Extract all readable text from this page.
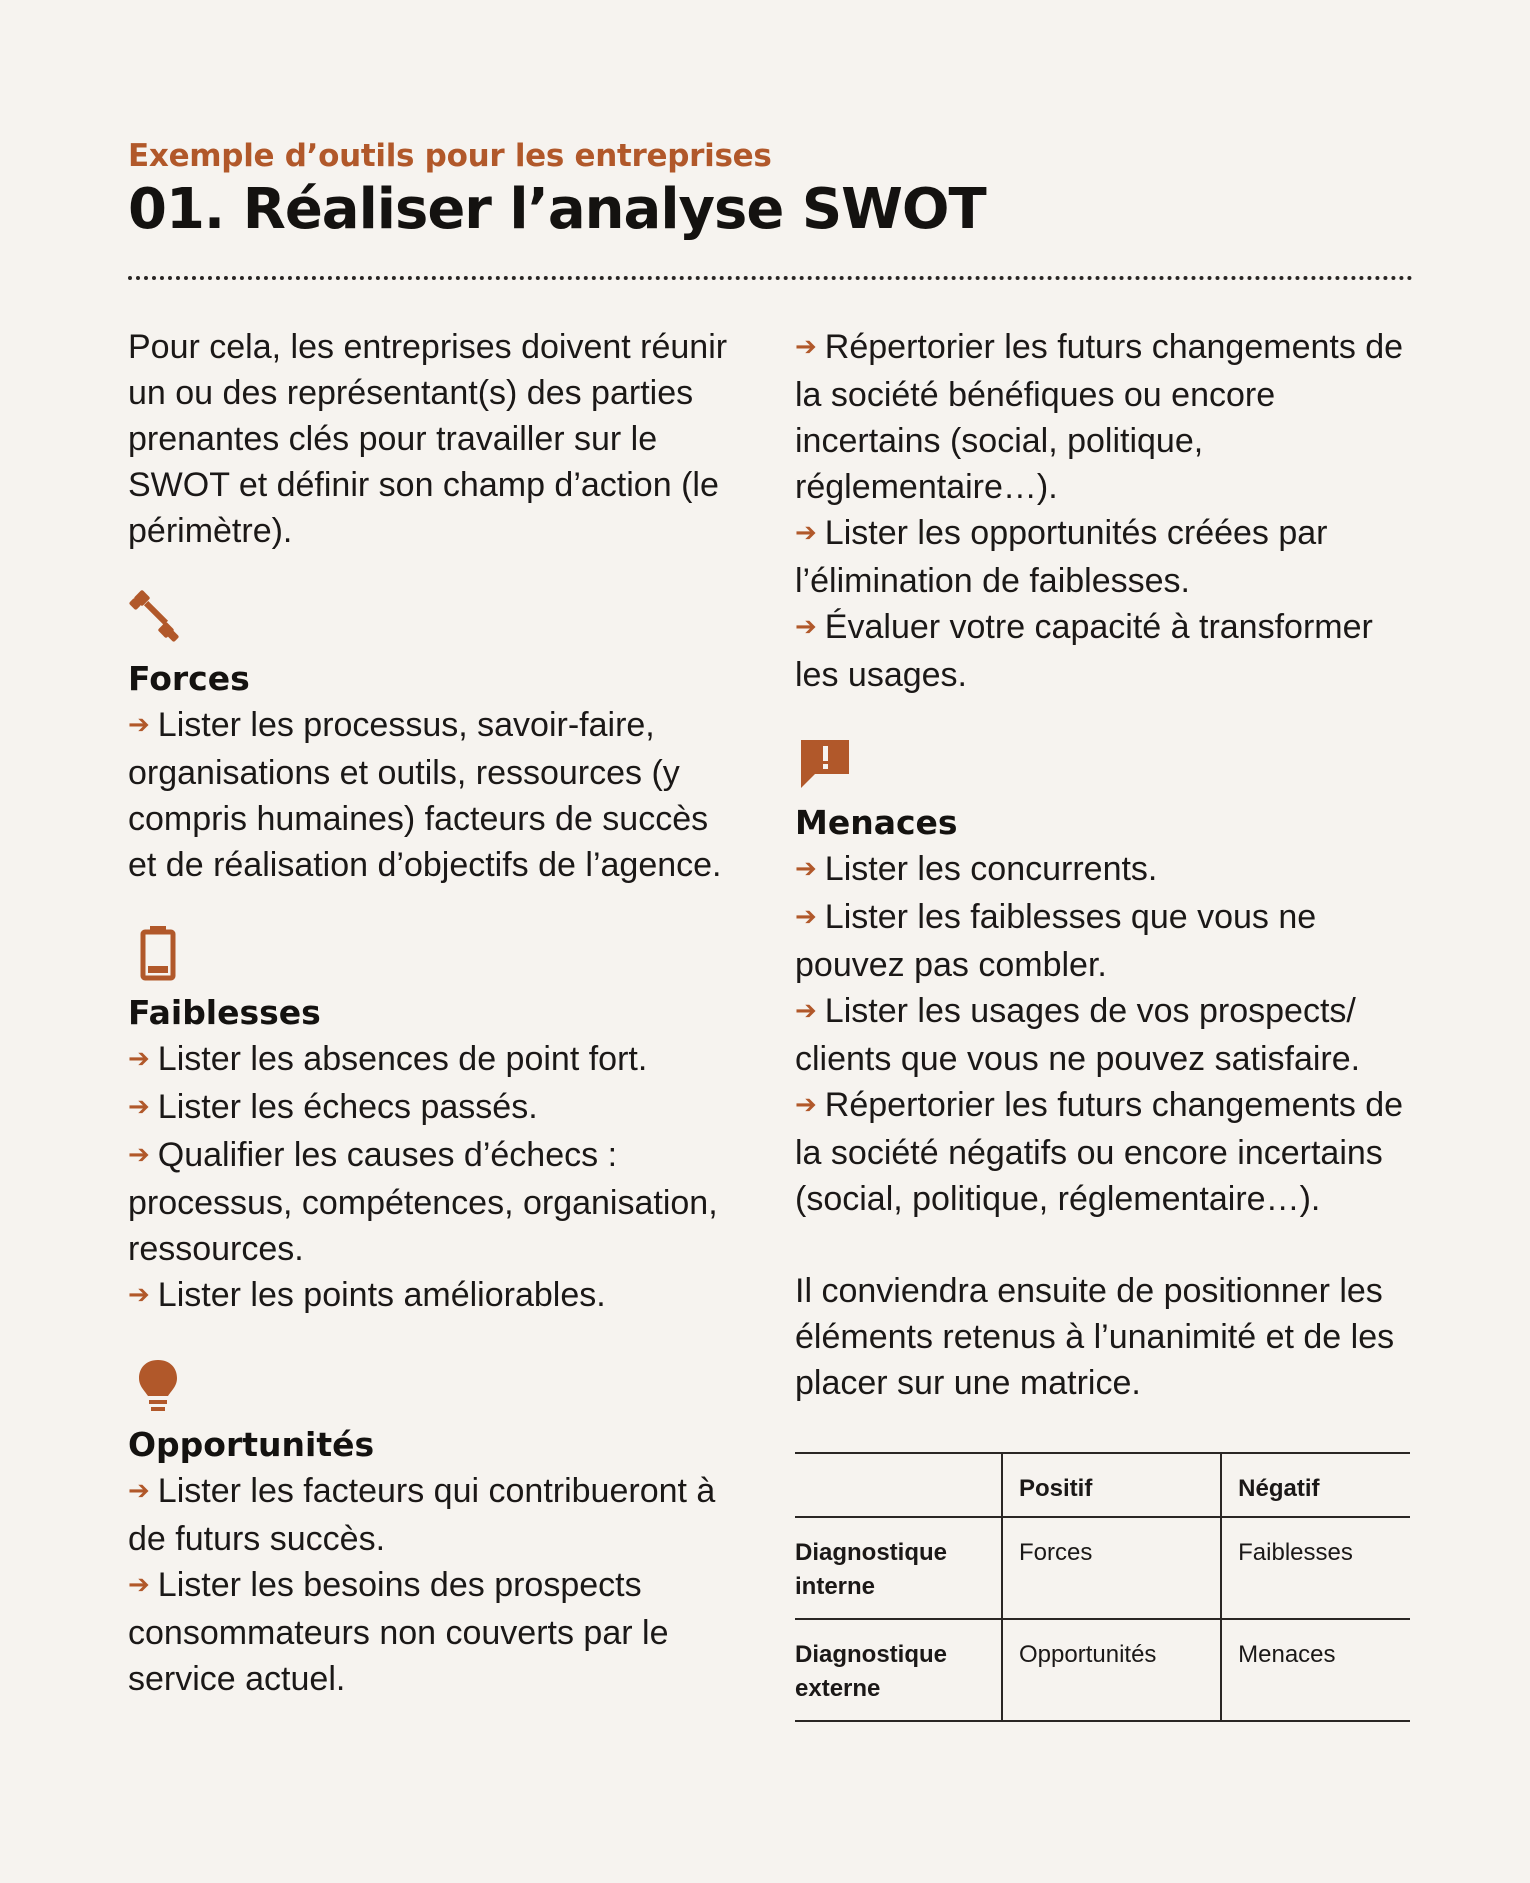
Exemple d’outils pour les entreprises

01. Réaliser l’analyse SWOT

Pour cela, les entreprises doivent réunir un ou des représentant(s) des parties prenantes clés pour travailler sur le SWOT et définir son champ d’action (le périmètre).

Forces

➔ Lister les processus, savoir-faire, organisations et outils, ressources (y compris humaines) facteurs de succès et de réalisation d’objectifs de l’agence.

Faiblesses

➔ Lister les absences de point fort.
➔ Lister les échecs passés.
➔ Qualifier les causes d’échecs : processus, compétences, organisation, ressources.
➔ Lister les points améliorables.

Opportunités

➔ Lister les facteurs qui contribueront à de futurs succès.
➔ Lister les besoins des prospects consommateurs non couverts par le service actuel.
➔ Répertorier les futurs changements de la société bénéfiques ou encore incertains (social, politique, réglementaire…).
➔ Lister les opportunités créées par l’élimination de faiblesses.
➔ Évaluer votre capacité à transformer les usages.

Menaces

➔ Lister les concurrents.
➔ Lister les faiblesses que vous ne pouvez pas combler.
➔ Lister les usages de vos prospects/ clients que vous ne pouvez satisfaire.
➔ Répertorier les futurs changements de la société négatifs ou encore incertains (social, politique, réglementaire…).

Il conviendra ensuite de positionner les éléments retenus à l’unanimité et de les placer sur une matrice.

	Positif	Négatif
Diagnostique interne	Forces	Faiblesses
Diagnostique externe	Opportunités	Menaces
